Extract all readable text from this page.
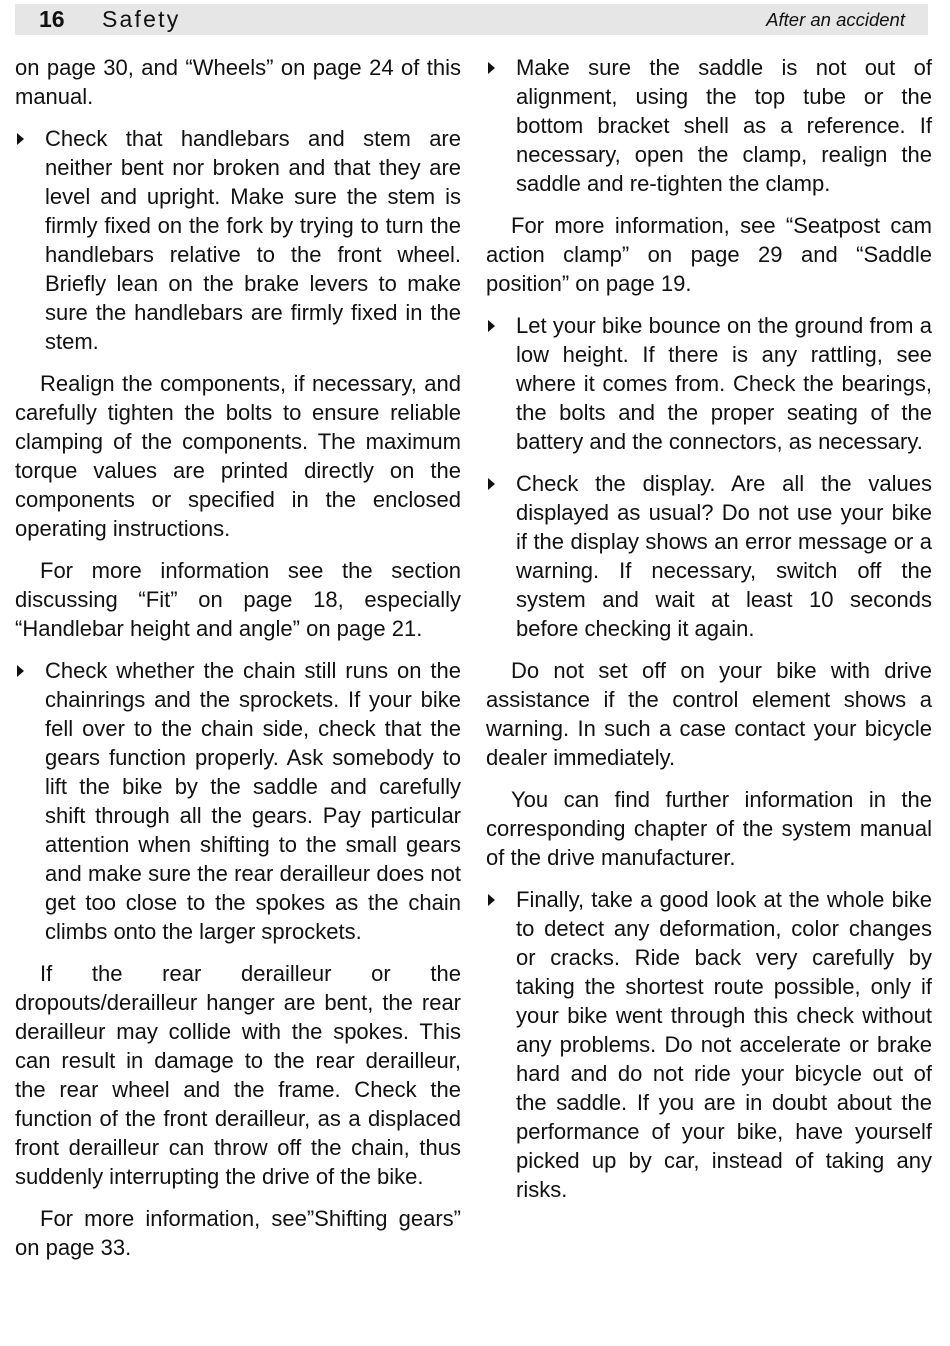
16 Safety	After an accident

on page 30, and “Wheels” on page 24 of this manual.

Check that handlebars and stem are neither bent nor broken and that they are level and upright. Make sure the stem is firmly fixed on the fork by trying to turn the handlebars relative to the front wheel. Briefly lean on the brake levers to make sure the handlebars are firmly fixed in the stem.

Realign the components, if necessary, and carefully tighten the bolts to ensure reliable clamping of the components. The maximum torque values are printed directly on the components or specified in the enclosed operating instructions.

For more information see the section discussing “Fit” on page 18, especially “Handlebar height and angle” on page 21.

Check whether the chain still runs on the chainrings and the sprockets. If your bike fell over to the chain side, check that the gears function properly. Ask somebody to lift the bike by the saddle and carefully shift through all the gears. Pay particular attention when shifting to the small gears and make sure the rear derailleur does not get too close to the spokes as the chain climbs onto the larger sprockets.

If the rear derailleur or the dropouts/derailleur hanger are bent, the rear derailleur may collide with the spokes. This can result in damage to the rear derailleur, the rear wheel and the frame. Check the function of the front derailleur, as a displaced front derailleur can throw off the chain, thus suddenly interrupting the drive of the bike.

For more information, see”Shifting gears” on page 33.

Make sure the saddle is not out of alignment, using the top tube or the bottom bracket shell as a reference. If necessary, open the clamp, realign the saddle and re-tighten the clamp.

For more information, see “Seatpost cam action clamp” on page 29 and “Saddle position” on page 19.

Let your bike bounce on the ground from a low height. If there is any rattling, see where it comes from. Check the bearings, the bolts and the proper seating of the battery and the connectors, as necessary.
Check the display. Are all the values displayed as usual? Do not use your bike if the display shows an error message or a warning. If necessary, switch off the system and wait at least 10 seconds before checking it again.

Do not set off on your bike with drive assistance if the control element shows a warning. In such a case contact your bicycle dealer immediately.

You can find further information in the corresponding chapter of the system manual of the drive manufacturer.

Finally, take a good look at the whole bike to detect any deformation, color changes or cracks. Ride back very carefully by taking the shortest route possible, only if your bike went through this check without any problems. Do not accelerate or brake hard and do not ride your bicycle out of the saddle. If you are in doubt about the performance of your bike, have yourself picked up by car, instead of taking any risks.
